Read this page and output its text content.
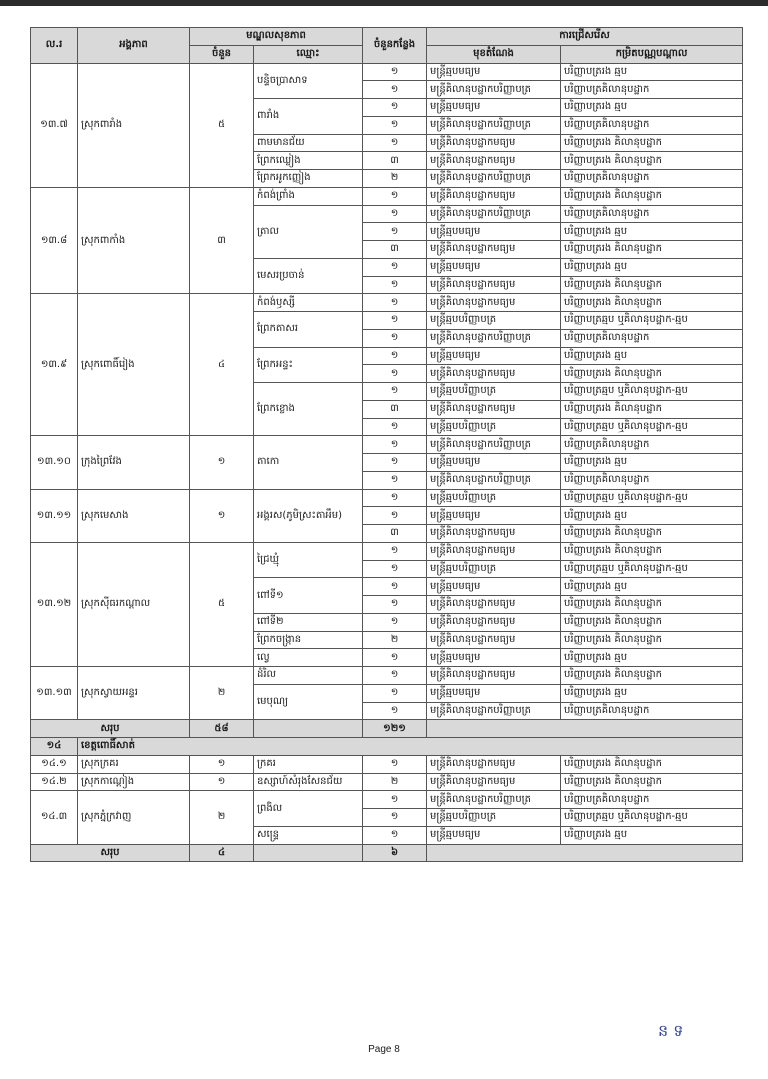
ល.រ	អង្គភាព	មណ្ឌលសុខភាព		ចំនួនកន្លែង	ការជ្រើសរើស	
		ចំនួន	ឈ្មោះ		មុខតំណែង	កម្រិតបណ្ណបណ្ដាល
១៣.៧	ស្រុកពារាំង	៥	បន្ទិចប្រាសាទ	១	មន្ត្រីឆ្មបមធ្យម	បរិញ្ញាបត្ររង ឆ្មប
				១	មន្ត្រីគិលានុបដ្ឋាកបរិញ្ញាបត្រ	បរិញ្ញាបត្រគិលានុបដ្ឋាក
			ពារាំង	១	មន្ត្រីឆ្មបមធ្យម	បរិញ្ញាបត្ររង ឆ្មប
				១	មន្ត្រីគិលានុបដ្ឋាកបរិញ្ញាបត្រ	បរិញ្ញាបត្រគិលានុបដ្ឋាក
			ពាមមានជ័យ	១	មន្ត្រីគិលានុបដ្ឋាកមធ្យម	បរិញ្ញាបត្ររង គិលានុបដ្ឋាក
			ព្រែកឈ្លៀង	៣	មន្ត្រីគិលានុបដ្ឋាកមធ្យម	បរិញ្ញាបត្ររង គិលានុបដ្ឋាក
			ព្រែកអូកញ្ញៀង	២	មន្ត្រីគិលានុបដ្ឋាកបរិញ្ញាបត្រ	បរិញ្ញាបត្រគិលានុបដ្ឋាក
១៣.៨	ស្រុកពាកាំង	៣	កំពង់ព្រាំង	១	មន្ត្រីគិលានុបដ្ឋាកមធ្យម	បរិញ្ញាបត្ររង គិលានុបដ្ឋាក
			ត្រាល	១	មន្ត្រីគិលានុបដ្ឋាកបរិញ្ញាបត្រ	បរិញ្ញាបត្រគិលានុបដ្ឋាក
				១	មន្ត្រីឆ្មបមធ្យម	បរិញ្ញាបត្ររង ឆ្មប
				៣	មន្ត្រីគិលានុបដ្ឋាកមធ្យម	បរិញ្ញាបត្ររង គិលានុបដ្ឋាក
			មេសរប្រចាន់	១	មន្ត្រីឆ្មបមធ្យម	បរិញ្ញាបត្ររង ឆ្មប
				១	មន្ត្រីគិលានុបដ្ឋាកមធ្យម	បរិញ្ញាបត្ររង គិលានុបដ្ឋាក
១៣.៩	ស្រុកពោធិ៍រៀង	៤	កំពង់ឫស្សី	១	មន្ត្រីគិលានុបដ្ឋាកមធ្យម	បរិញ្ញាបត្ររង គិលានុបដ្ឋាក
			ព្រែកតាសរ	១	មន្ត្រីឆ្មបបរិញ្ញាបត្រ	បរិញ្ញាបត្រឆ្មប ឬគិលានុបដ្ឋាក-ឆ្មប
				១	មន្ត្រីគិលានុបដ្ឋាកបរិញ្ញាបត្រ	បរិញ្ញាបត្រគិលានុបដ្ឋាក
			ព្រែកអន្ទះ	១	មន្ត្រីឆ្មបមធ្យម	បរិញ្ញាបត្ររង ឆ្មប
				១	មន្ត្រីគិលានុបដ្ឋាកមធ្យម	បរិញ្ញាបត្ររង គិលានុបដ្ឋាក
			ព្រែកខ្លោង	១	មន្ត្រីឆ្មបបរិញ្ញាបត្រ	បរិញ្ញាបត្រឆ្មប ឬគិលានុបដ្ឋាក-ឆ្មប
				៣	មន្ត្រីគិលានុបដ្ឋាកមធ្យម	បរិញ្ញាបត្ររង គិលានុបដ្ឋាក
				១	មន្ត្រីឆ្មបបរិញ្ញាបត្រ	បរិញ្ញាបត្រឆ្មប ឬគិលានុបដ្ឋាក-ឆ្មប
១៣.១០	ក្រុងព្រៃវែង	១	តាកោ	១	មន្ត្រីគិលានុបដ្ឋាកបរិញ្ញាបត្រ	បរិញ្ញាបត្រគិលានុបដ្ឋាក
				១	មន្ត្រីឆ្មបមធ្យម	បរិញ្ញាបត្ររង ឆ្មប
				១	មន្ត្រីគិលានុបដ្ឋាកបរិញ្ញាបត្រ	បរិញ្ញាបត្រគិលានុបដ្ឋាក
១៣.១១	ស្រុកមេសាង	១	អង្គរស(ភូមិស្រះតាអឹម)	១	មន្ត្រីឆ្មបបរិញ្ញាបត្រ	បរិញ្ញាបត្រឆ្មប ឬគិលានុបដ្ឋាក-ឆ្មប
				១	មន្ត្រីឆ្មបមធ្យម	បរិញ្ញាបត្ររង ឆ្មប
				៣	មន្ត្រីគិលានុបដ្ឋាកមធ្យម	បរិញ្ញាបត្ររង គិលានុបដ្ឋាក
១៣.១២	ស្រុកស៊ីធរកណ្ដាល	៥	ជ្រៃឃ្មុំ	១	មន្ត្រីគិលានុបដ្ឋាកមធ្យម	បរិញ្ញាបត្ររង គិលានុបដ្ឋាក
				១	មន្ត្រីឆ្មបបរិញ្ញាបត្រ	បរិញ្ញាបត្រឆ្មប ឬគិលានុបដ្ឋាក-ឆ្មប
			ពៅទី១	១	មន្ត្រីឆ្មបមធ្យម	បរិញ្ញាបត្ររង ឆ្មប
				១	មន្ត្រីគិលានុបដ្ឋាកមធ្យម	បរិញ្ញាបត្ររង គិលានុបដ្ឋាក
			ពៅទី២	១	មន្ត្រីគិលានុបដ្ឋាកមធ្យម	បរិញ្ញាបត្ររង គិលានុបដ្ឋាក
			ព្រែកចង្ក្រាន	២	មន្ត្រីគិលានុបដ្ឋាកមធ្យម	បរិញ្ញាបត្ររង គិលានុបដ្ឋាក
			ល្វេ	១	មន្ត្រីឆ្មបមធ្យម	បរិញ្ញាបត្ររង ឆ្មប
១៣.១៣	ស្រុកស្វាយអន្ទរ	២	ដំរិល	១	មន្ត្រីគិលានុបដ្ឋាកមធ្យម	បរិញ្ញាបត្ររង គិលានុបដ្ឋាក
			មេបុណ្យ	១	មន្ត្រីឆ្មបមធ្យម	បរិញ្ញាបត្ររង ឆ្មប
				១	មន្ត្រីគិលានុបដ្ឋាកបរិញ្ញាបត្រ	បរិញ្ញាបត្រគិលានុបដ្ឋាក
សរុប		៥៨		១២១		
១៤	ខេត្តពោធិ៍សាត់					
១៤.១	ស្រុកក្រគរ	១	ក្រគរ	១	មន្ត្រីគិលានុបដ្ឋាកមធ្យម	បរិញ្ញាបត្ររង គិលានុបដ្ឋាក
១៤.២	ស្រុកកាណ្ដៀង	១	ឧស្សាហ៍សំរុងសែនជ័យ	២	មន្ត្រីគិលានុបដ្ឋាកមធ្យម	បរិញ្ញាបត្ររង គិលានុបដ្ឋាក
១៤.៣	ស្រុកភ្នំក្រវាញ	២	ព្រងិល	១	មន្ត្រីគិលានុបដ្ឋាកបរិញ្ញាបត្រ	បរិញ្ញាបត្រគិលានុបដ្ឋាក
				១	មន្ត្រីឆ្មបបរិញ្ញាបត្រ	បរិញ្ញាបត្រឆ្មប ឬគិលានុបដ្ឋាក-ឆ្មប
			សន្ទ្រេ	១	មន្ត្រីឆ្មបមធ្យម	បរិញ្ញាបត្ររង ឆ្មប
សរុប		៤		៦		
Page 8
ន ទ
